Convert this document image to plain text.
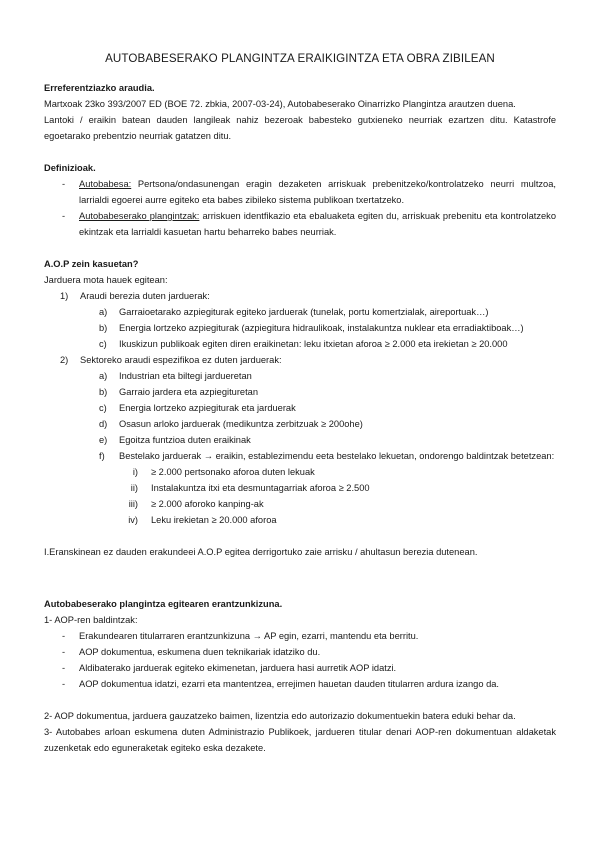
AUTOBABESERAKO PLANGINTZA ERAIKIGINTZA ETA OBRA ZIBILEAN
Erreferentziazko araudia.
Martxoak 23ko 393/2007 ED (BOE 72. zbkia, 2007-03-24), Autobabeserako Oinarrizko Plangintza arautzen duena.
Lantoki / eraikin batean dauden langileak nahiz bezeroak babesteko gutxieneko neurriak ezartzen ditu. Katastrofe egoetarako prebentzio neurriak gatatzen ditu.
Definizioak.
- Autobabesa: Pertsona/ondasunengan eragin dezaketen arriskuak prebenitzeko/kontrolatzeko neurri multzoa, larrialdi egoerei aurre egiteko eta babes zibileko sistema publikoan txertatzeko.
- Autobabeserako plangintzak: arriskuen identfikazio eta ebaluaketa egiten du, arriskuak prebenitu eta kontrolatzeko ekintzak eta larrialdi kasuetan hartu beharreko babes neurriak.
A.O.P zein kasuetan?
Jarduera mota hauek egitean:
1) Araudi berezia duten jarduerak:
a) Garraioetarako azpiegiturak egiteko jarduerak (tunelak, portu komertzialak, aireportuak…)
b) Energia lortzeko azpiegiturak (azpiegitura hidraulikoak, instalakuntza nuklear eta erradiaktiboak…)
c) Ikuskizun publikoak egiten diren eraikinetan: leku itxietan aforoa ≥ 2.000 eta irekietan ≥ 20.000
2) Sektoreko araudi espezifikoa ez duten jarduerak:
a) Industrian eta biltegi jardueretan
b) Garraio jardera eta azpiegituretan
c) Energia lortzeko azpiegiturak eta jarduerak
d) Osasun arloko jarduerak (medikuntza zerbitzuak ≥ 200ohe)
e) Egoitza funtzioa duten eraikinak
f) Bestelako jarduerak → eraikin, establezimendu eeta bestelako lekuetan, ondorengo baldintzak betetzean:
i) ≥ 2.000 pertsonako aforoa duten lekuak
ii) Instalakuntza itxi eta desmuntagarriak aforoa ≥ 2.500
iii) ≥ 2.000 aforoko kanping-ak
iv) Leku irekietan ≥ 20.000 aforoa
I.Eranskinean ez dauden erakundeei A.O.P egitea derrigortuko zaie arrisku / ahultasun berezia dutenean.
Autobabeserako plangintza egitearen erantzunkizuna.
1- AOP-ren baldintzak:
- Erakundearen titularraren erantzunkizuna → AP egin, ezarri, mantendu eta berritu.
- AOP dokumentua, eskumena duen teknikariak idatziko du.
- Aldibaterako jarduerak egiteko ekimenetan, jarduera hasi aurretik AOP idatzi.
- AOP dokumentua idatzi, ezarri eta mantentzea, errejimen hauetan dauden titularren ardura izango da.
2- AOP dokumentua, jarduera gauzatzeko baimen, lizentzia edo autorizazio dokumentuekin batera eduki behar da.
3- Autobabes arloan eskumena duten Administrazio Publikoek, jardueren titular denari AOP-ren dokumentuan aldaketak zuzenketak edo eguneraketak egiteko eska dezakete.
